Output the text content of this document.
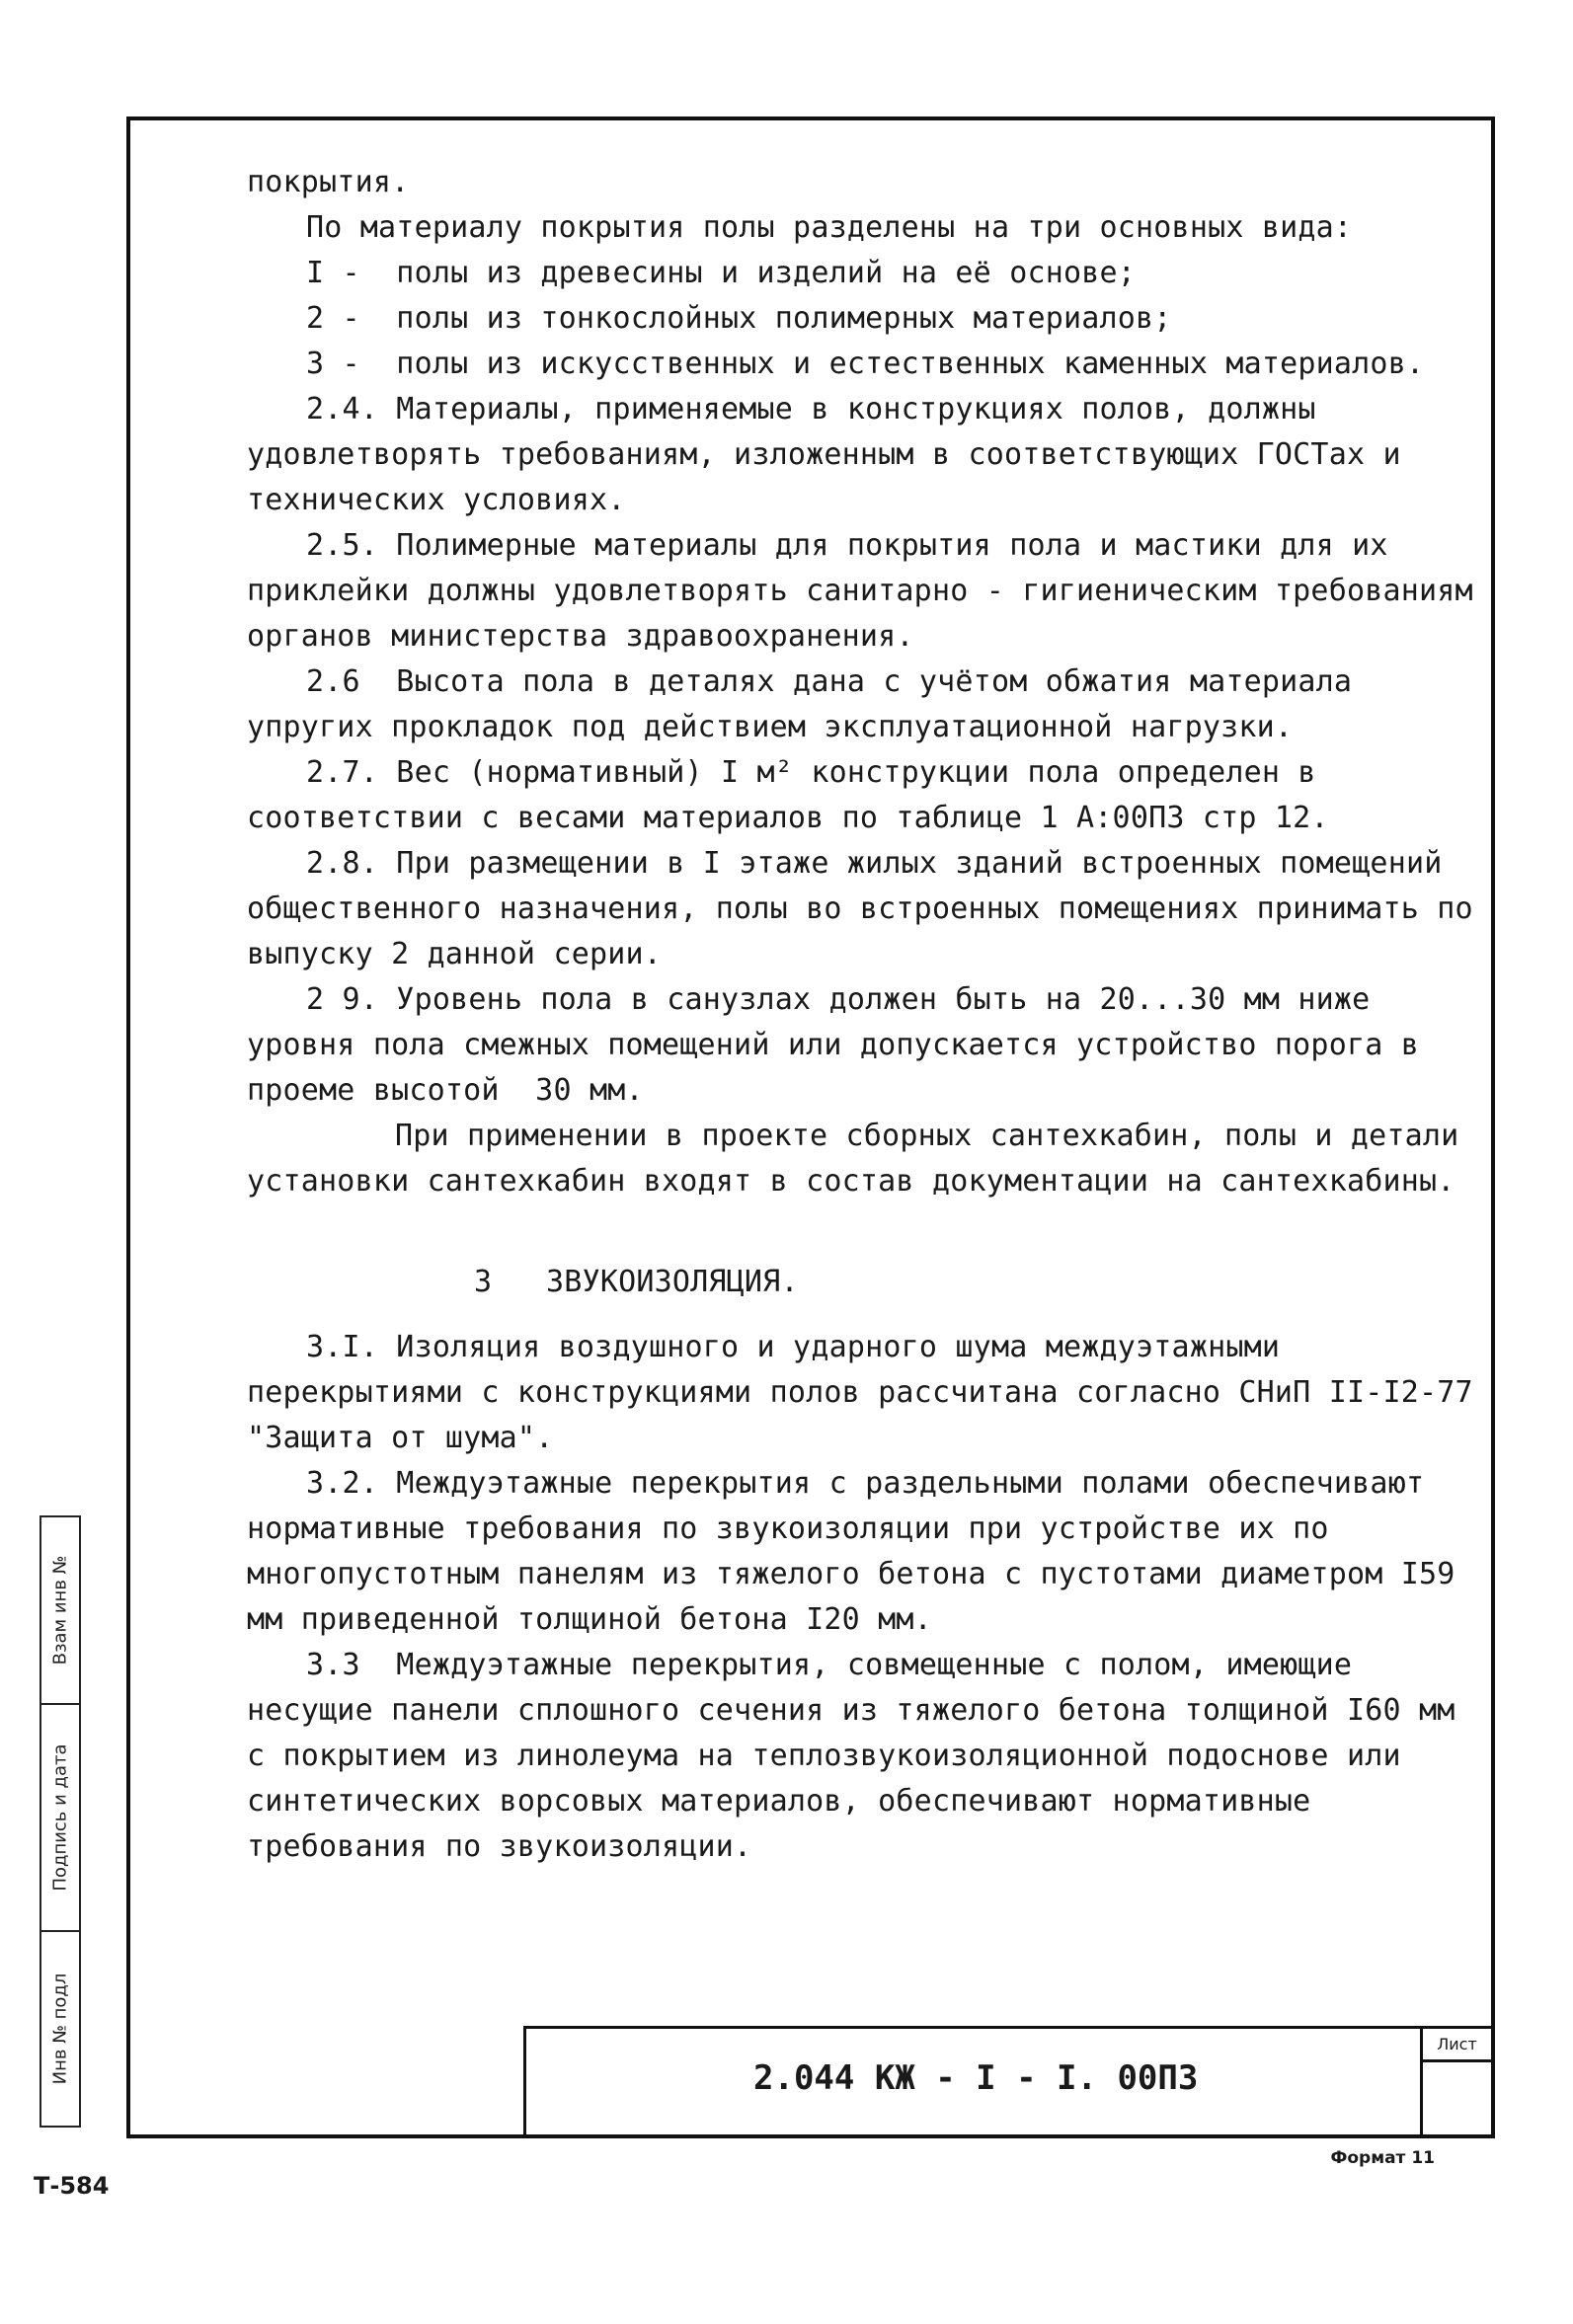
покрытия.

По материалу покрытия полы разделены на три основных вида:

I -  полы из древесины и изделий на её основе;

2 -  полы из тонкослойных полимерных материалов;

3 -  полы из искусственных и естественных каменных материалов.

2.4. Материалы, применяемые в конструкциях полов, должны удовлетворять требованиям, изложенным в соответствующих ГОСТах и технических условиях.

2.5. Полимерные материалы для покрытия пола и мастики для их приклейки должны удовлетворять санитарно - гигиеническим требованиям органов министерства здравоохранения.

2.6  Высота пола в деталях дана с учётом обжатия материала упругих прокладок под действием эксплуатационной нагрузки.

2.7. Вес (нормативный) I м² конструкции пола определен в соответствии с весами материалов по таблице 1 А:00ПЗ стр 12.

2.8. При размещении в I этаже жилых зданий встроенных помещений общественного назначения, полы во встроенных помещениях принимать по выпуску 2 данной серии.

2 9. Уровень пола в санузлах должен быть на 20...30 мм ниже уровня пола смежных помещений или допускается устройство порога в проеме высотой  30 мм.

При применении в проекте сборных сантехкабин, полы и детали установки сантехкабин входят в состав документации на сантехкабины.

3   ЗВУКОИЗОЛЯЦИЯ.

3.I. Изоляция воздушного и ударного шума междуэтажными перекрытиями с конструкциями полов рассчитана согласно СНиП II-I2-77 "Защита от шума".

3.2. Междуэтажные перекрытия с раздельными полами обеспечивают нормативные требования по звукоизоляции при устройстве их по многопустотным панелям из тяжелого бетона с пустотами диаметром I59 мм приведенной толщиной бетона I20 мм.

3.3  Междуэтажные перекрытия, совмещенные с полом, имеющие несущие панели сплошного сечения из тяжелого бетона толщиной I60 мм с покрытием из линолеума на теплозвукоизоляционной подоснове или синтетических ворсовых материалов, обеспечивают нормативные требования по звукоизоляции.

Взам инв №
Подпись и дата
Инв № подл	2.044 КЖ - I - I. 00П3
Лист
Формат 11
Т-584
